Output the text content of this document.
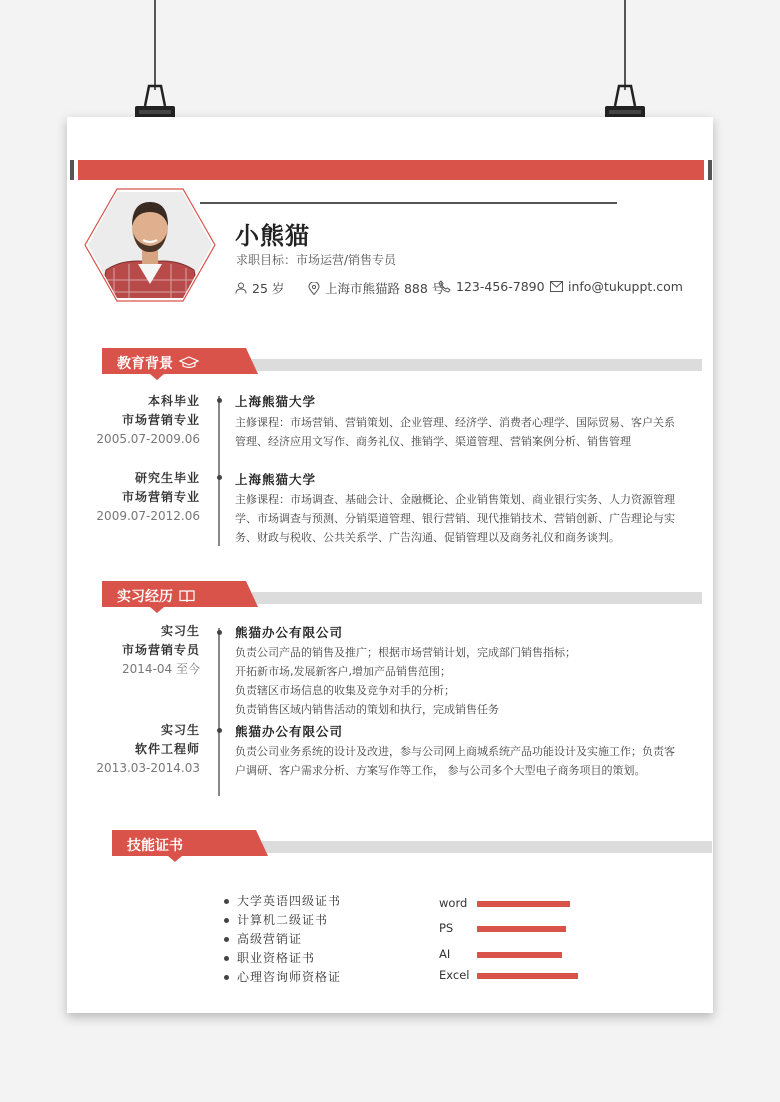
小熊猫
求职目标：市场运营/销售专员
25 岁	上海市熊猫路 888 号 123-456-7890 info@tukuppt.com
教育背景
本科毕业
市场营销专业
2005.07-2009.06
上海熊猫大学
主修课程：市场营销、营销策划、企业管理、经济学、消费者心理学、国际贸易、客户关系管理、经济应用文写作、商务礼仪、推销学、渠道管理、营销案例分析、销售管理
研究生毕业
市场营销专业
2009.07-2012.06
上海熊猫大学
主修课程：市场调查、基础会计、金融概论、企业销售策划、商业银行实务、人力资源管理学、市场调查与预测、分销渠道管理、银行营销、现代推销技术、营销创新、广告理论与实务、财政与税收、公共关系学、广告沟通、促销管理以及商务礼仪和商务谈判。
实习经历
实习生
市场营销专员
2014-04 至今
熊猫办公有限公司
负责公司产品的销售及推广；根据市场营销计划，完成部门销售指标；
开拓新市场,发展新客户,增加产品销售范围；
负责辖区市场信息的收集及竞争对手的分析；
负责销售区域内销售活动的策划和执行，完成销售任务
实习生
软件工程师
2013.03-2014.03
熊猫办公有限公司
负责公司业务系统的设计及改进，参与公司网上商城系统产品功能设计及实施工作；负责客户调研、客户需求分析、方案写作等工作， 参与公司多个大型电子商务项目的策划。
技能证书
大学英语四级证书
计算机二级证书
高级营销证
职业资格证书
心理咨询师资格证
word
PS
AI
Excel
